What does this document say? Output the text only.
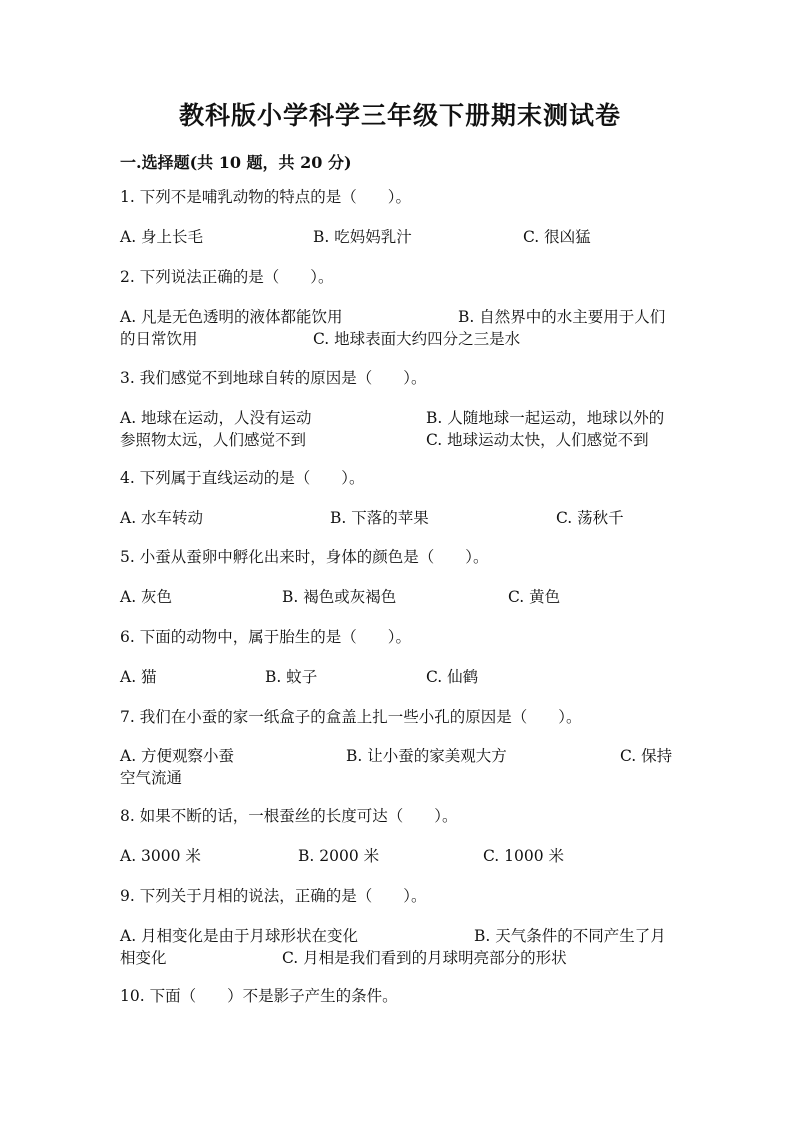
教科版小学科学三年级下册期末测试卷
一.选择题(共 10 题，共 20 分)
1. 下列不是哺乳动物的特点的是（　　）。
A. 身上长毛	B. 吃妈妈乳汁	C. 很凶猛
2. 下列说法正确的是（　　）。
A. 凡是无色透明的液体都能饮用	B. 自然界中的水主要用于人们
的日常饮用	C. 地球表面大约四分之三是水
3. 我们感觉不到地球自转的原因是（　　）。
A. 地球在运动，人没有运动	B. 人随地球一起运动，地球以外的
参照物太远，人们感觉不到	C. 地球运动太快，人们感觉不到
4. 下列属于直线运动的是（　　）。
A. 水车转动	B. 下落的苹果	C. 荡秋千
5. 小蚕从蚕卵中孵化出来时，身体的颜色是（　　）。
A. 灰色	B. 褐色或灰褐色	C. 黄色
6. 下面的动物中，属于胎生的是（　　）。
A. 猫	B. 蚊子	C. 仙鹤
7. 我们在小蚕的家一纸盒子的盒盖上扎一些小孔的原因是（　　）。
A. 方便观察小蚕	B. 让小蚕的家美观大方	C. 保持
空气流通
8. 如果不断的话，一根蚕丝的长度可达（　　）。
A. 3000 米	B. 2000 米	C. 1000 米
9. 下列关于月相的说法，正确的是（　　）。
A. 月相变化是由于月球形状在变化	B. 天气条件的不同产生了月
相变化	C. 月相是我们看到的月球明亮部分的形状
10. 下面（　　）不是影子产生的条件。
